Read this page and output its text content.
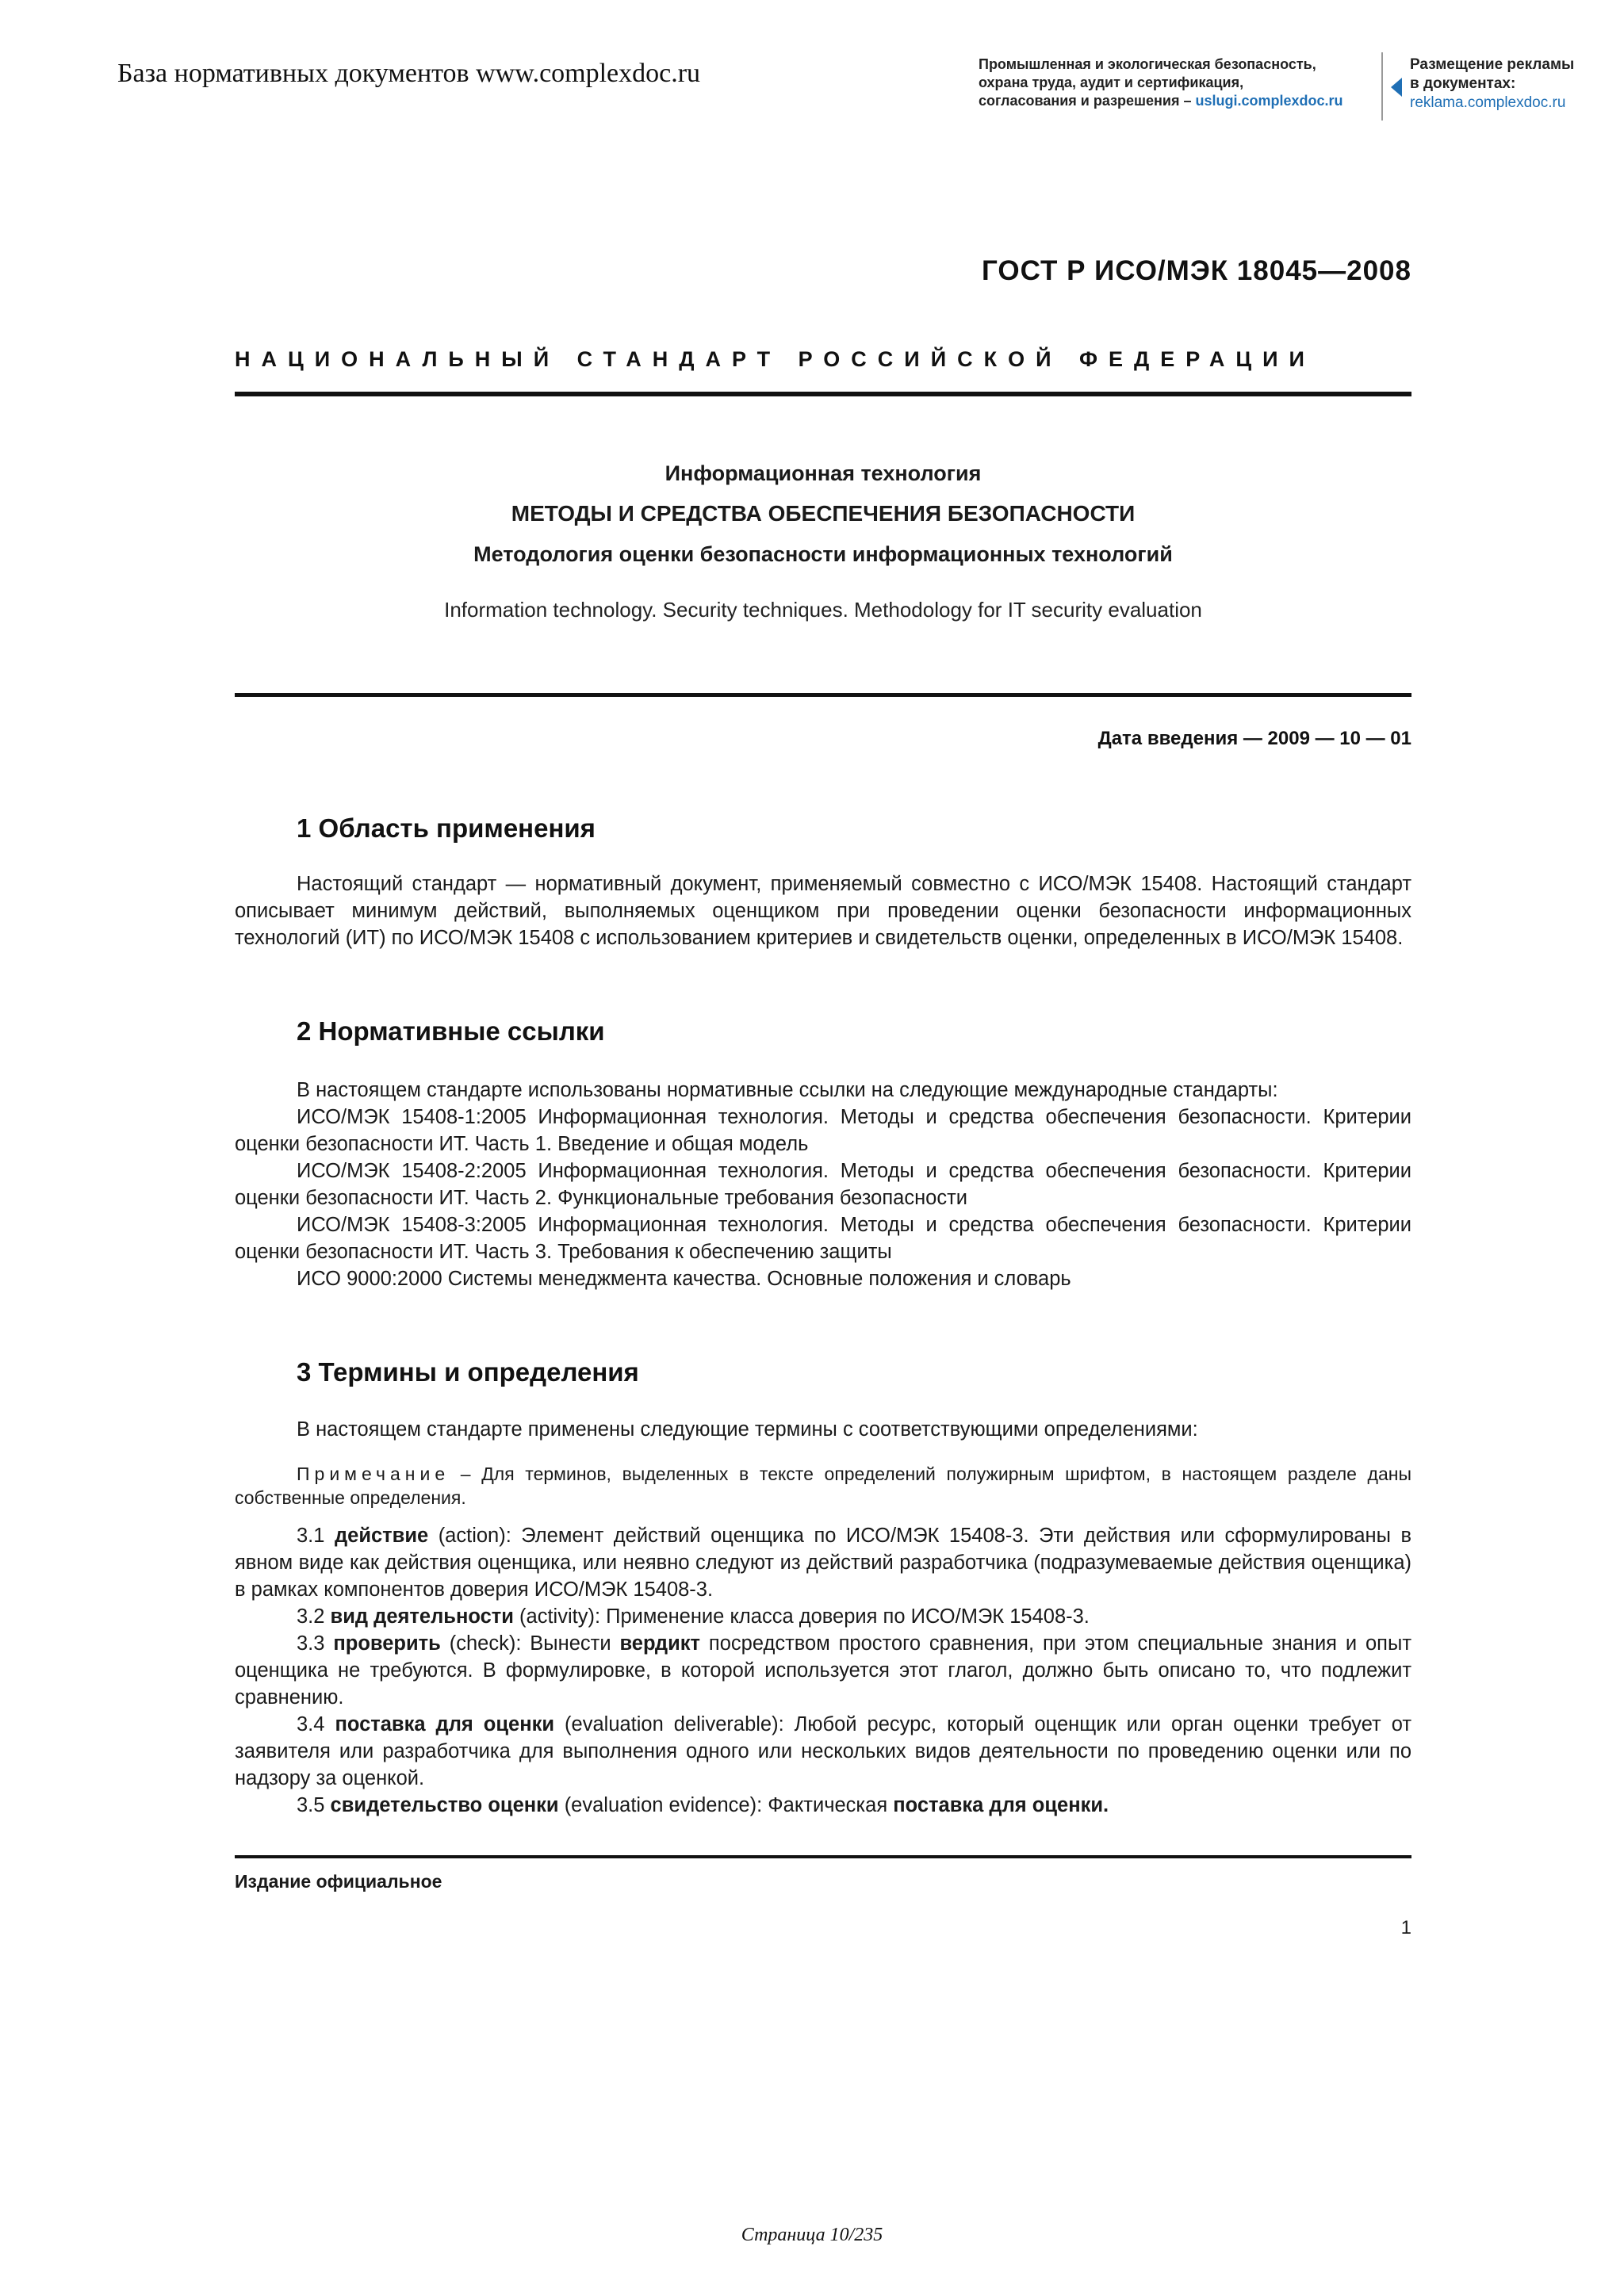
База нормативных документов www.complexdoc.ru	Промышленная и экологическая безопасность,
охрана труда, аудит и сертификация,
согласования и разрешения – uslugi.complexdoc.ru
Размещение рекламы
в документах:
reklama.complexdoc.ru
ГОСТ Р ИСО/МЭК 18045—2008
НАЦИОНАЛЬНЫЙ СТАНДАРТ РОССИЙСКОЙ ФЕДЕРАЦИИ
Информационная технология
МЕТОДЫ И СРЕДСТВА ОБЕСПЕЧЕНИЯ БЕЗОПАСНОСТИ
Методология оценки безопасности информационных технологий
Information technology. Security techniques. Methodology for IT security evaluation
Дата введения — 2009 — 10 — 01
1 Область применения

Настоящий стандарт — нормативный документ, применяемый совместно с ИСО/МЭК 15408. Настоящий стандарт описывает минимум действий, выполняемых оценщиком при проведении оценки безопасности информационных технологий (ИТ) по ИСО/МЭК 15408 с использованием критериев и свидетельств оценки, определенных в ИСО/МЭК 15408.

2 Нормативные ссылки

В настоящем стандарте использованы нормативные ссылки на следующие международные стандарты:

ИСО/МЭК 15408-1:2005 Информационная технология. Методы и средства обеспечения безопасности. Критерии оценки безопасности ИТ. Часть 1. Введение и общая модель

ИСО/МЭК 15408-2:2005 Информационная технология. Методы и средства обеспечения безопасности. Критерии оценки безопасности ИТ. Часть 2. Функциональные требования безопасности

ИСО/МЭК 15408-3:2005 Информационная технология. Методы и средства обеспечения безопасности. Критерии оценки безопасности ИТ. Часть 3. Требования к обеспечению защиты

ИСО 9000:2000 Системы менеджмента качества. Основные положения и словарь

3 Термины и определения

В настоящем стандарте применены следующие термины с соответствующими определениями:

Примечание – Для терминов, выделенных в тексте определений полужирным шрифтом, в настоящем разделе даны собственные определения.

3.1 действие (action): Элемент действий оценщика по ИСО/МЭК 15408-3. Эти действия или сформулированы в явном виде как действия оценщика, или неявно следуют из действий разработчика (подразумеваемые действия оценщика) в рамках компонентов доверия ИСО/МЭК 15408-3.

3.2 вид деятельности (activity): Применение класса доверия по ИСО/МЭК 15408-3.

3.3 проверить (check): Вынести вердикт посредством простого сравнения, при этом специальные знания и опыт оценщика не требуются. В формулировке, в которой используется этот глагол, должно быть описано то, что подлежит сравнению.

3.4 поставка для оценки (evaluation deliverable): Любой ресурс, который оценщик или орган оценки требует от заявителя или разработчика для выполнения одного или нескольких видов деятельности по проведению оценки или по надзору за оценкой.

3.5 свидетельство оценки (evaluation evidence): Фактическая поставка для оценки.

Издание официальное
1
Страница 10/235
